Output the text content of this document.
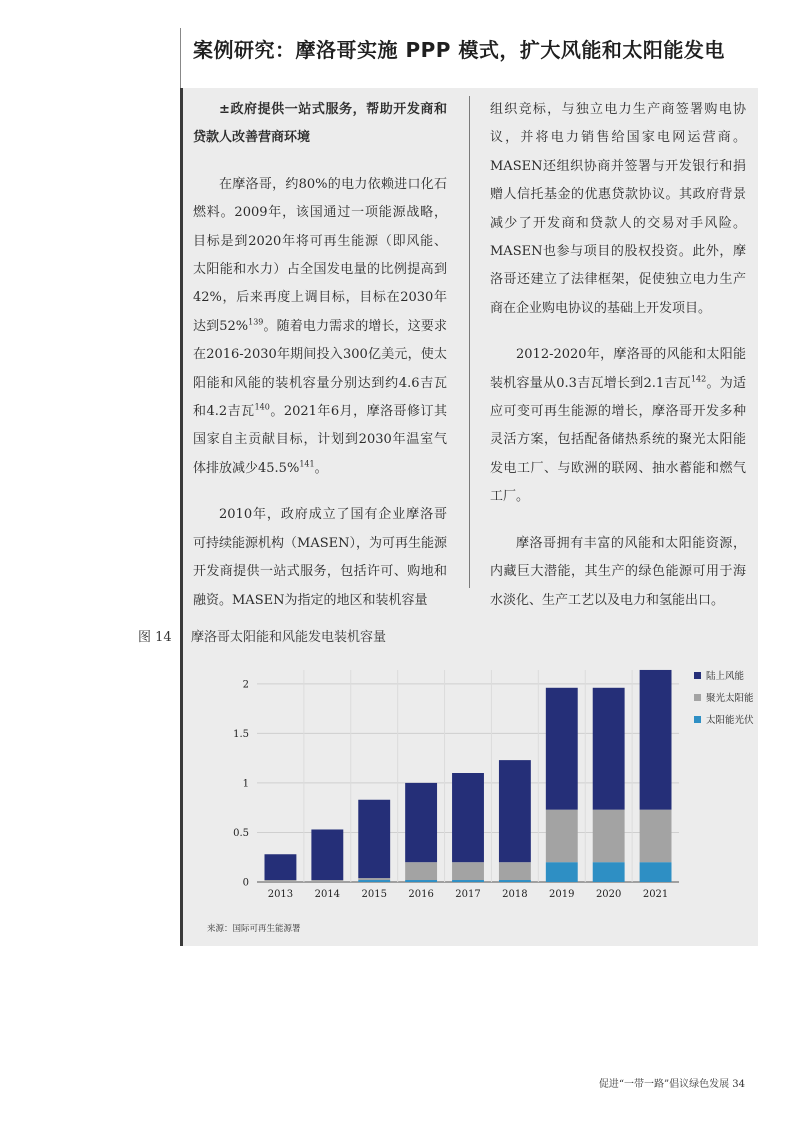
案例研究：摩洛哥实施 PPP 模式，扩大风能和太阳能发电

±政府提供一站式服务，帮助开发商和贷款人改善营商环境

在摩洛哥，约80%的电力依赖进口化石燃料。2009年，该国通过一项能源战略，目标是到2020年将可再生能源（即风能、太阳能和水力）占全国发电量的比例提高到42%，后来再度上调目标，目标在2030年达到52%$^{139}$。随着电力需求的增长，这要求在2016-2030年期间投入300亿美元，使太阳能和风能的装机容量分别达到约4.6吉瓦和4.2吉瓦$^{140}$。2021年6月，摩洛哥修订其国家自主贡献目标，计划到2030年温室气体排放减少45.5%$^{141}$。

2010年，政府成立了国有企业摩洛哥可持续能源机构（MASEN），为可再生能源开发商提供一站式服务，包括许可、购地和融资。MASEN为指定的地区和装机容量

组织竞标，与独立电力生产商签署购电协议，并将电力销售给国家电网运营商。MASEN还组织协商并签署与开发银行和捐赠人信托基金的优惠贷款协议。其政府背景减少了开发商和贷款人的交易对手风险。MASEN也参与项目的股权投资。此外，摩洛哥还建立了法律框架，促使独立电力生产商在企业购电协议的基础上开发项目。

2012-2020年，摩洛哥的风能和太阳能装机容量从0.3吉瓦增长到2.1吉瓦$^{142}$。为适应可变可再生能源的增长，摩洛哥开发多种灵活方案，包括配备储热系统的聚光太阳能发电工厂、与欧洲的联网、抽水蓄能和燃气工厂。

摩洛哥拥有丰富的风能和太阳能资源，内藏巨大潜能，其生产的绿色能源可用于海水淡化、生产工艺以及电力和氢能出口。

图 14 摩洛哥太阳能和风能发电装机容量
0
0.5
1
1.5
2
2013 2014 2015 2016 2017 2018 2019 2020 2021
陆上风能
聚光太阳能
太阳能光伏
来源：国际可再生能源署
促进“一带一路”倡议绿色发展 34
